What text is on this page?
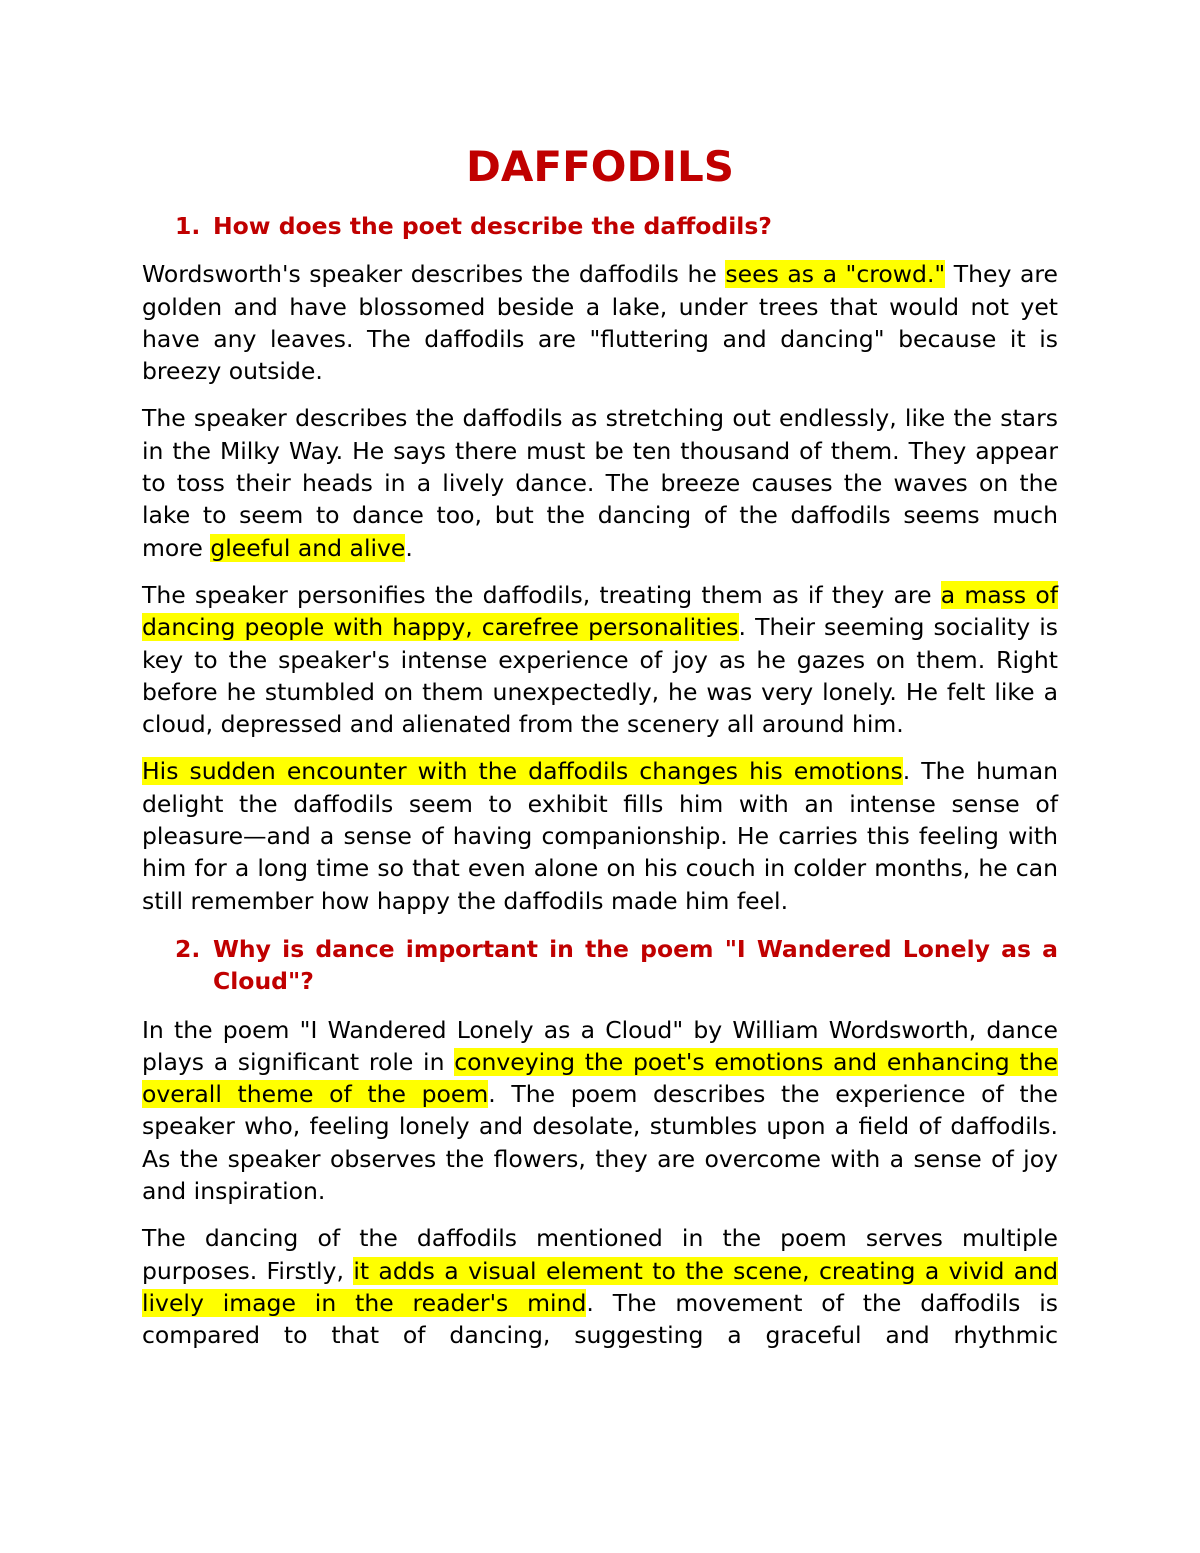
DAFFODILS
1. How does the poet describe the daffodils?

Wordsworth's speaker describes the daffodils he sees as a "crowd." They are golden and have blossomed beside a lake, under trees that would not yet have any leaves. The daffodils are "fluttering and dancing" because it is breezy outside.

The speaker describes the daffodils as stretching out endlessly, like the stars in the Milky Way. He says there must be ten thousand of them. They appear to toss their heads in a lively dance. The breeze causes the waves on the lake to seem to dance too, but the dancing of the daffodils seems much more gleeful and alive.

The speaker personifies the daffodils, treating them as if they are a mass of dancing people with happy, carefree personalities. Their seeming sociality is key to the speaker's intense experience of joy as he gazes on them. Right before he stumbled on them unexpectedly, he was very lonely. He felt like a cloud, depressed and alienated from the scenery all around him.

His sudden encounter with the daffodils changes his emotions. The human delight the daffodils seem to exhibit fills him with an intense sense of pleasure—and a sense of having companionship. He carries this feeling with him for a long time so that even alone on his couch in colder months, he can still remember how happy the daffodils made him feel.

2. Why is dance important in the poem "I Wandered Lonely as a Cloud"?

In the poem "I Wandered Lonely as a Cloud" by William Wordsworth, dance plays a significant role in conveying the poet's emotions and enhancing the overall theme of the poem. The poem describes the experience of the speaker who, feeling lonely and desolate, stumbles upon a field of daffodils. As the speaker observes the flowers, they are overcome with a sense of joy and inspiration.

The dancing of the daffodils mentioned in the poem serves multiple purposes. Firstly, it adds a visual element to the scene, creating a vivid and lively image in the reader's mind. The movement of the daffodils is compared to that of dancing, suggesting a graceful and rhythmic
